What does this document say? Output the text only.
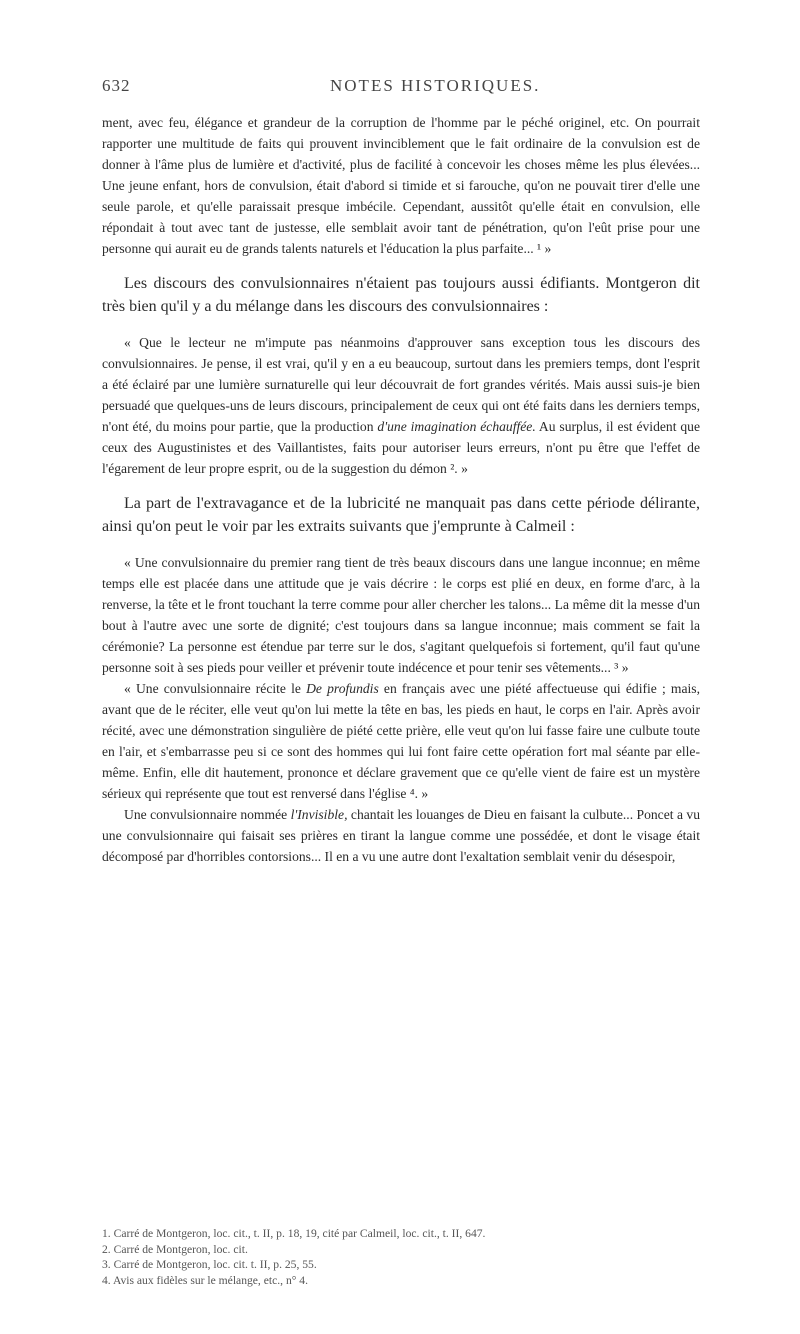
632	NOTES HISTORIQUES.

ment, avec feu, élégance et grandeur de la corruption de l'homme par le péché originel, etc. On pourrait rapporter une multitude de faits qui prouvent invinciblement que le fait ordinaire de la convulsion est de donner à l'âme plus de lumière et d'activité, plus de facilité à concevoir les choses même les plus élevées... Une jeune enfant, hors de convulsion, était d'abord si timide et si farouche, qu'on ne pouvait tirer d'elle une seule parole, et qu'elle paraissait presque imbécile. Cependant, aussitôt qu'elle était en convulsion, elle répondait à tout avec tant de justesse, elle semblait avoir tant de pénétration, qu'on l'eût prise pour une personne qui aurait eu de grands talents naturels et l'éducation la plus parfaite... ¹ »

Les discours des convulsionnaires n'étaient pas toujours aussi édifiants. Montgeron dit très bien qu'il y a du mélange dans les discours des convulsionnaires :

« Que le lecteur ne m'impute pas néanmoins d'approuver sans exception tous les discours des convulsionnaires. Je pense, il est vrai, qu'il y en a eu beaucoup, surtout dans les premiers temps, dont l'esprit a été éclairé par une lumière surnaturelle qui leur découvrait de fort grandes vérités. Mais aussi suis-je bien persuadé que quelques-uns de leurs discours, principalement de ceux qui ont été faits dans les derniers temps, n'ont été, du moins pour partie, que la production d'une imagination échauffée. Au surplus, il est évident que ceux des Augustinistes et des Vaillantistes, faits pour autoriser leurs erreurs, n'ont pu être que l'effet de l'égarement de leur propre esprit, ou de la suggestion du démon ². »

La part de l'extravagance et de la lubricité ne manquait pas dans cette période délirante, ainsi qu'on peut le voir par les extraits suivants que j'emprunte à Calmeil :

« Une convulsionnaire du premier rang tient de très beaux discours dans une langue inconnue; en même temps elle est placée dans une attitude que je vais décrire : le corps est plié en deux, en forme d'arc, à la renverse, la tête et le front touchant la terre comme pour aller chercher les talons... La même dit la messe d'un bout à l'autre avec une sorte de dignité; c'est toujours dans sa langue inconnue; mais comment se fait la cérémonie? La personne est étendue par terre sur le dos, s'agitant quelquefois si fortement, qu'il faut qu'une personne soit à ses pieds pour veiller et prévenir toute indécence et pour tenir ses vêtements... ³ »

« Une convulsionnaire récite le De profundis en français avec une piété affectueuse qui édifie ; mais, avant que de le réciter, elle veut qu'on lui mette la tête en bas, les pieds en haut, le corps en l'air. Après avoir récité, avec une démonstration singulière de piété cette prière, elle veut qu'on lui fasse faire une culbute toute en l'air, et s'embarrasse peu si ce sont des hommes qui lui font faire cette opération fort mal séante par elle-même. Enfin, elle dit hautement, prononce et déclare gravement que ce qu'elle vient de faire est un mystère sérieux qui représente que tout est renversé dans l'église ⁴. »

Une convulsionnaire nommée l'Invisible, chantait les louanges de Dieu en faisant la culbute... Poncet a vu une convulsionnaire qui faisait ses prières en tirant la langue comme une possédée, et dont le visage était décomposé par d'horribles contorsions... Il en a vu une autre dont l'exaltation semblait venir du désespoir,

1. Carré de Montgeron, loc. cit., t. II, p. 18, 19, cité par Calmeil, loc. cit., t. II, 647.
2. Carré de Montgeron, loc. cit.
3. Carré de Montgeron, loc. cit. t. II, p. 25, 55.
4. Avis aux fidèles sur le mélange, etc., n° 4.
